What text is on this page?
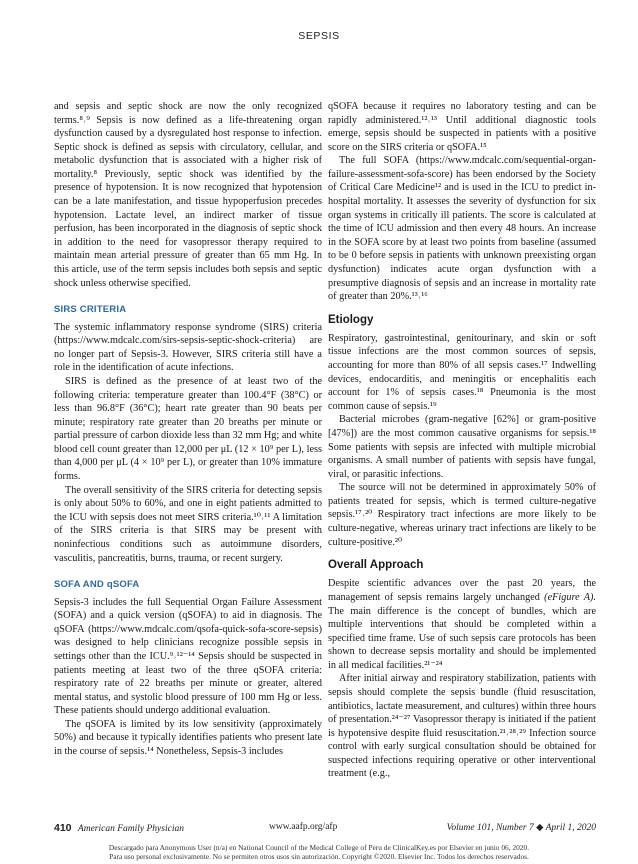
SEPSIS

and sepsis and septic shock are now the only recognized terms.⁸˒⁹ Sepsis is now defined as a life-threatening organ dysfunction caused by a dysregulated host response to infection. Septic shock is defined as sepsis with circulatory, cellular, and metabolic dysfunction that is associated with a higher risk of mortality.⁸ Previously, septic shock was identified by the presence of hypotension. It is now recognized that hypotension can be a late manifestation, and tissue hypoperfusion precedes hypotension. Lactate level, an indirect marker of tissue perfusion, has been incorporated in the diagnosis of septic shock in addition to the need for vasopressor therapy required to maintain mean arterial pressure of greater than 65 mm Hg. In this article, use of the term sepsis includes both sepsis and septic shock unless otherwise specified.

SIRS CRITERIA

The systemic inflammatory response syndrome (SIRS) criteria (https://www.mdcalc.com/sirs-sepsis-septic-shock-criteria) are no longer part of Sepsis-3. However, SIRS criteria still have a role in the identification of acute infections.

SIRS is defined as the presence of at least two of the following criteria: temperature greater than 100.4°F (38°C) or less than 96.8°F (36°C); heart rate greater than 90 beats per minute; respiratory rate greater than 20 breaths per minute or partial pressure of carbon dioxide less than 32 mm Hg; and white blood cell count greater than 12,000 per μL (12 × 10⁹ per L), less than 4,000 per μL (4 × 10⁹ per L), or greater than 10% immature forms.

The overall sensitivity of the SIRS criteria for detecting sepsis is only about 50% to 60%, and one in eight patients admitted to the ICU with sepsis does not meet SIRS criteria.¹⁰˒¹¹ A limitation of the SIRS criteria is that SIRS may be present with noninfectious conditions such as autoimmune disorders, vasculitis, pancreatitis, burns, trauma, or recent surgery.

SOFA AND qSOFA

Sepsis-3 includes the full Sequential Organ Failure Assessment (SOFA) and a quick version (qSOFA) to aid in diagnosis. The qSOFA (https://www.mdcalc.com/qsofa-quick-sofa-score-sepsis) was designed to help clinicians recognize possible sepsis in settings other than the ICU.⁹˒¹²⁻¹⁴ Sepsis should be suspected in patients meeting at least two of the three qSOFA criteria: respiratory rate of 22 breaths per minute or greater, altered mental status, and systolic blood pressure of 100 mm Hg or less. These patients should undergo additional evaluation.

The qSOFA is limited by its low sensitivity (approximately 50%) and because it typically identifies patients who present late in the course of sepsis.¹⁴ Nonetheless, Sepsis-3 includes

qSOFA because it requires no laboratory testing and can be rapidly administered.¹²˒¹³ Until additional diagnostic tools emerge, sepsis should be suspected in patients with a positive score on the SIRS criteria or qSOFA.¹⁵

The full SOFA (https://www.mdcalc.com/sequential-organ-failure-assessment-sofa-score) has been endorsed by the Society of Critical Care Medicine¹² and is used in the ICU to predict in-hospital mortality. It assesses the severity of dysfunction for six organ systems in critically ill patients. The score is calculated at the time of ICU admission and then every 48 hours. An increase in the SOFA score by at least two points from baseline (assumed to be 0 before sepsis in patients with unknown preexisting organ dysfunction) indicates acute organ dysfunction with a presumptive diagnosis of sepsis and an increase in mortality rate of greater than 20%.¹³˒¹⁶

Etiology

Respiratory, gastrointestinal, genitourinary, and skin or soft tissue infections are the most common sources of sepsis, accounting for more than 80% of all sepsis cases.¹⁷ Indwelling devices, endocarditis, and meningitis or encephalitis each account for 1% of sepsis cases.¹⁸ Pneumonia is the most common cause of sepsis.¹⁹

Bacterial microbes (gram-negative [62%] or gram-positive [47%]) are the most common causative organisms for sepsis.¹⁸ Some patients with sepsis are infected with multiple microbial organisms. A small number of patients with sepsis have fungal, viral, or parasitic infections.

The source will not be determined in approximately 50% of patients treated for sepsis, which is termed culture-negative sepsis.¹⁷˒²⁰ Respiratory tract infections are more likely to be culture-negative, whereas urinary tract infections are likely to be culture-positive.²⁰

Overall Approach

Despite scientific advances over the past 20 years, the management of sepsis remains largely unchanged (eFigure A). The main difference is the concept of bundles, which are multiple interventions that should be completed within a specified time frame. Use of such sepsis care protocols has been shown to decrease sepsis mortality and should be implemented in all medical facilities.²¹⁻²⁴

After initial airway and respiratory stabilization, patients with sepsis should complete the sepsis bundle (fluid resuscitation, antibiotics, lactate measurement, and cultures) within three hours of presentation.²⁴⁻²⁷ Vasopressor therapy is initiated if the patient is hypotensive despite fluid resuscitation.²¹˒²⁸˒²⁹ Infection source control with early surgical consultation should be obtained for suspected infections requiring operative or other interventional treatment (e.g.,

410 American Family Physician	www.aafp.org/afp	Volume 101, Number 7 ◆ April 1, 2020
Descargado para Anonymous User (n/a) en National Council of the Medical College of Peru de ClinicalKey.es por Elsevier en junio 06, 2020.
Para uso personal exclusivamente. No se permiten otros usos sin autorización. Copyright ©2020. Elsevier Inc. Todos los derechos reservados.
